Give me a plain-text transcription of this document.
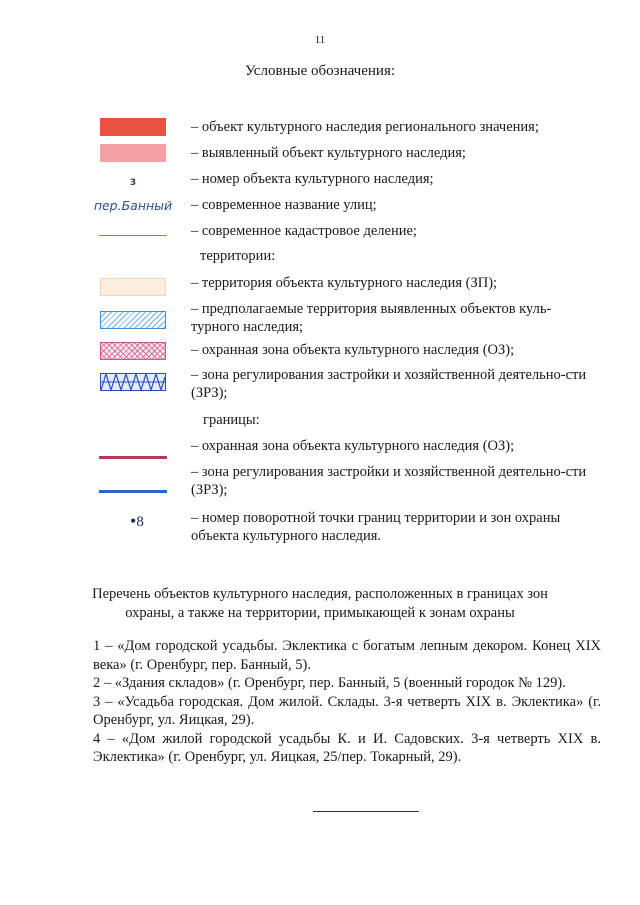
11
Условные обозначения:
– объект культурного наследия регионального значения;
– выявленный объект культурного наследия;
3	– номер объекта культурного наследия;
пер.Банный – современное название улиц;
– современное кадастровое деление;
территории:
– территория объекта культурного наследия (ЗП);
– предполагаемые территория выявленных объектов куль-турного наследия;
– охранная зона объекта культурного наследия (ОЗ);
– зона регулирования застройки и хозяйственной деятельно-сти (ЗРЗ);
границы:
– охранная зона объекта культурного наследия (ОЗ);
– зона регулирования застройки и хозяйственной деятельно-сти (ЗРЗ);
•8	– номер поворотной точки границ территории и зон охраны объекта культурного наследия.
Перечень объектов культурного наследия, расположенных в границах зон охраны, а также на территории, примыкающей к зонам охраны

1 – «Дом городской усадьбы. Эклектика с богатым лепным декором. Конец XIX века» (г. Оренбург, пер. Банный, 5).

2 – «Здания складов» (г. Оренбург, пер. Банный, 5 (военный городок № 129).

3 – «Усадьба городская. Дом жилой. Склады. 3-я четверть XIX в. Эклектика» (г. Оренбург, ул. Яицкая, 29).

4 – «Дом жилой городской усадьбы К. и И. Садовских. 3-я четверть XIX в. Эклектика» (г. Оренбург, ул. Яицкая, 25/пер. Токарный, 29).
